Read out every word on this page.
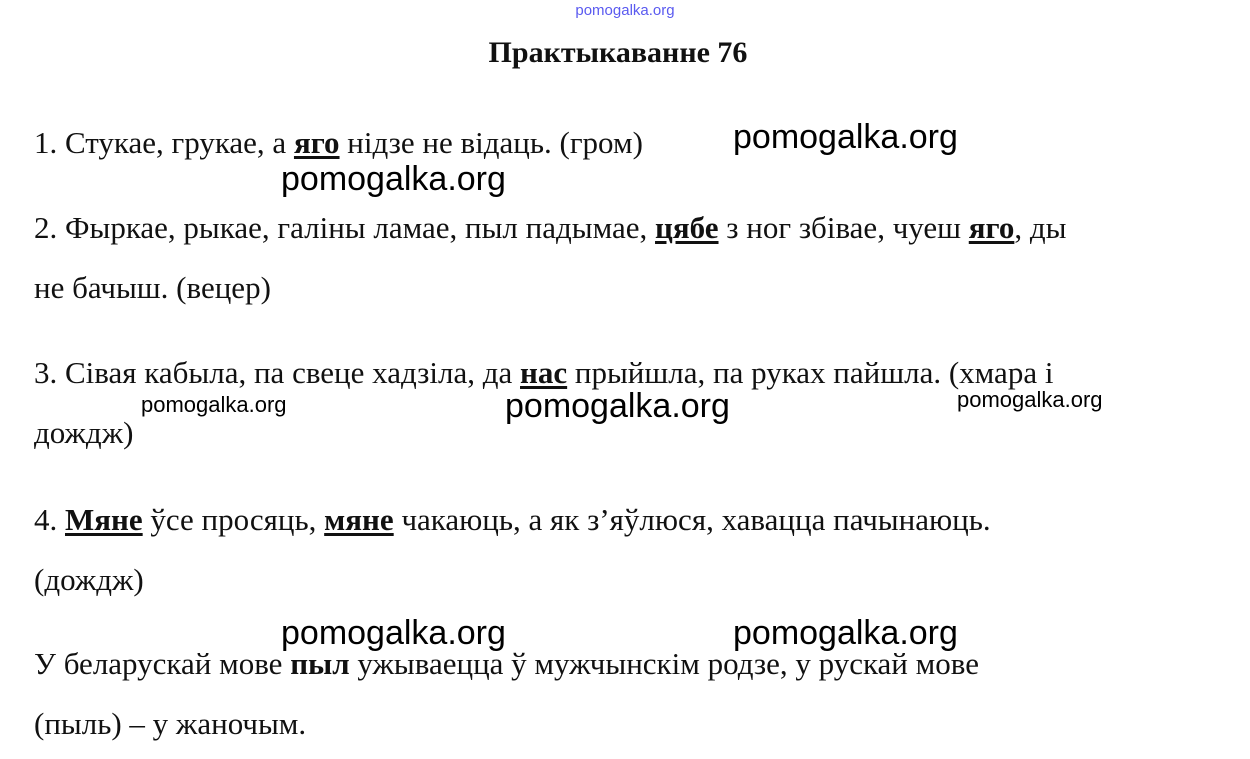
pomogalka.org
Практыкаванне 76
1. Стукае, грукае, а яго нідзе не відаць. (гром)
2. Фыркае, рыкае, галіны ламае, пыл падымае, цябе з ног збівае, чуеш яго, ды
не бачыш. (вецер)
3. Сівая кабыла, па свеце хадзіла, да нас прыйшла, па руках пайшла. (хмара і
дождж)
4. Мяне ўсе просяць, мяне чакаюць, а як з’яўлюся, хавацца пачынаюць.
(дождж)
У беларускай мове пыл ужываецца ў мужчынскім родзе, у рускай мове
(пыль) – у жаночым.
pomogalka.org
pomogalka.org
pomogalka.org	pomogalka.org	pomogalka.org
pomogalka.org	pomogalka.org
